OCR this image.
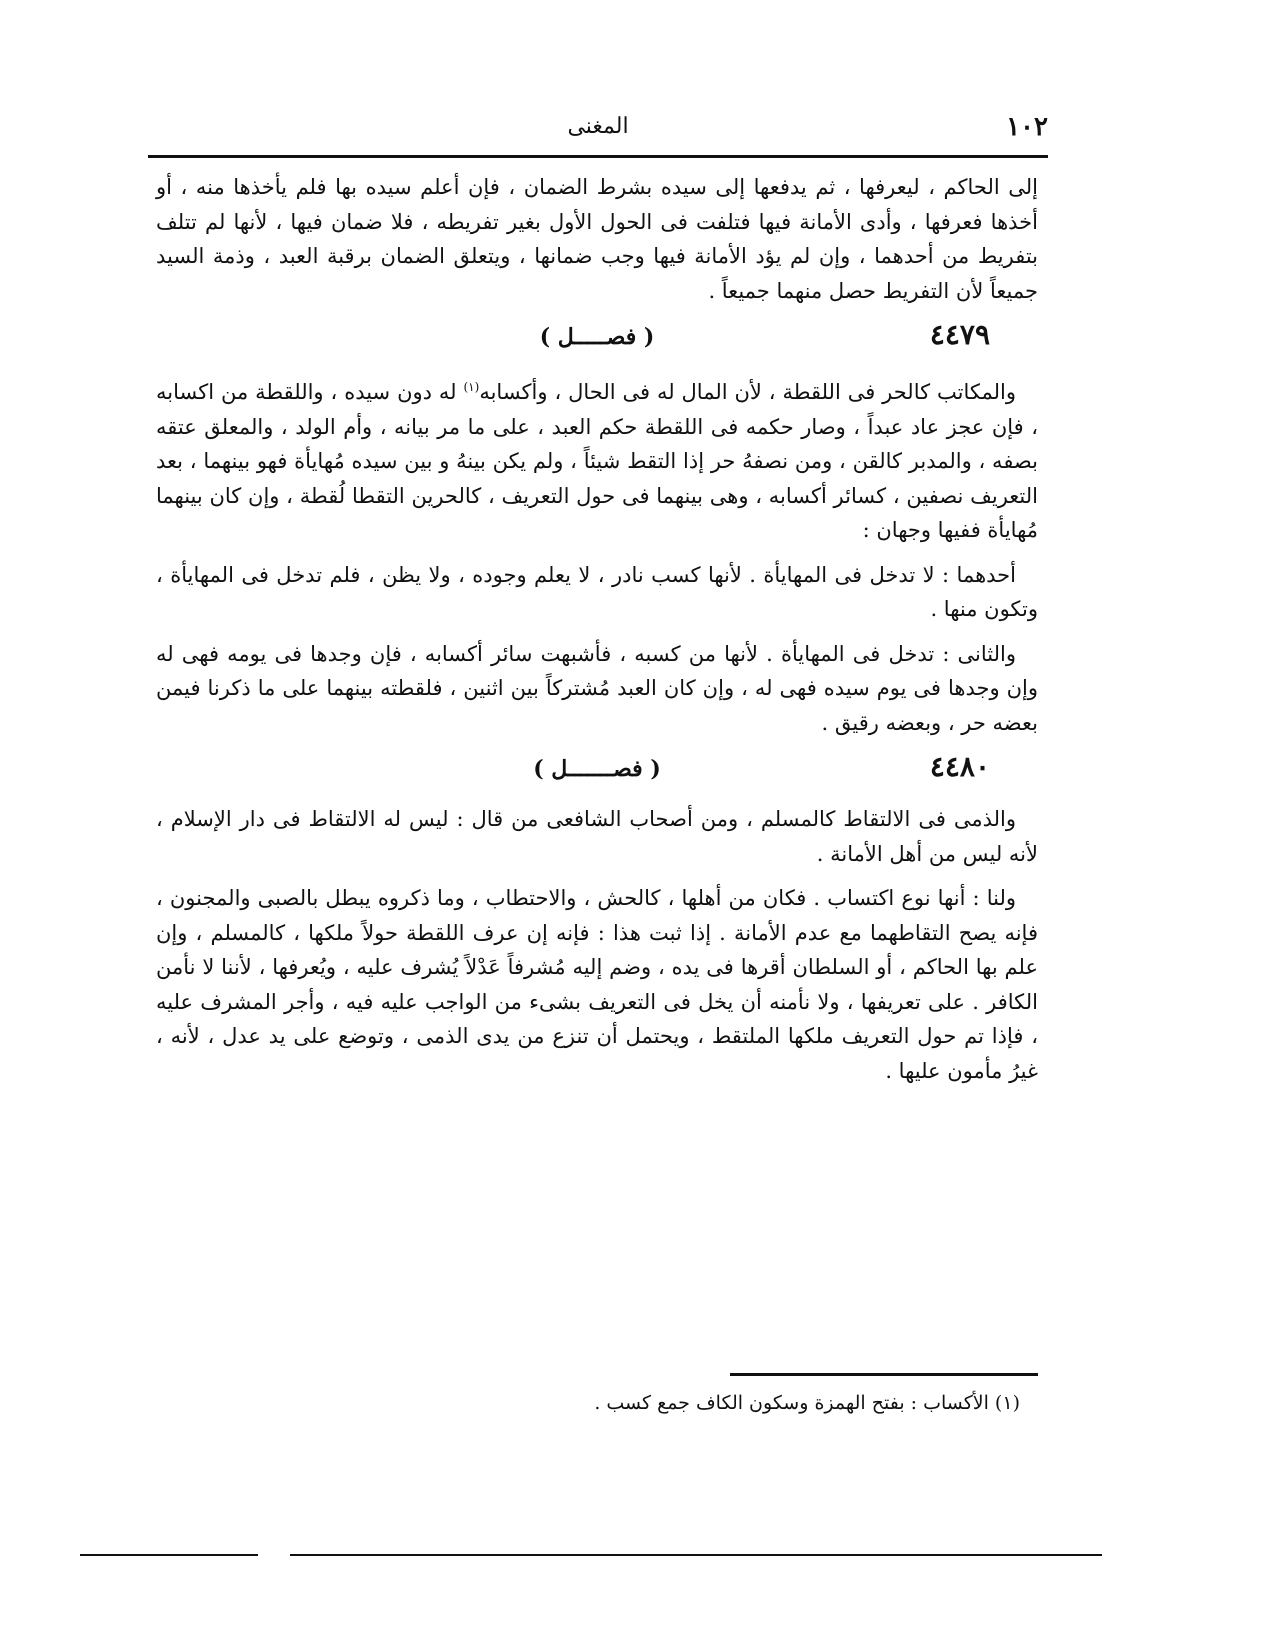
١٠٢
المغنى

إلى الحاكم ، ليعرفها ، ثم يدفعها إلى سيده بشرط الضمان ، فإن أعلم سيده بها فلم يأخذها منه ، أو أخذها فعرفها ، وأدى الأمانة فيها فتلفت فى الحول الأول بغير تفريطه ، فلا ضمان فيها ، لأنها لم تتلف بتفريط من أحدهما ، وإن لم يؤد الأمانة فيها وجب ضمانها ، ويتعلق الضمان برقبة العبد ، وذمة السيد جميعاً لأن التفريط حصل منهما جميعاً .

٤٤٧٩
( فصـــــل )

والمكاتب كالحر فى اللقطة ، لأن المال له فى الحال ، وأكسابه$^{(١)}$ له دون سيده ، واللقطة من اكسابه ، فإن عجز عاد عبداً ، وصار حكمه فى اللقطة حكم العبد ، على ما مر بيانه ، وأم الولد ، والمعلق عتقه بصفه ، والمدبر كالقن ، ومن نصفهُ حر إذا التقط شيئاً ، ولم يكن بينهُ و بين سيده مُهايأة فهو بينهما ، بعد التعريف نصفين ، كسائر أكسابه ، وهى بينهما فى حول التعريف ، كالحرين التقطا لُقطة ، وإن كان بينهما مُهايأة ففيها وجهان :

أحدهما : لا تدخل فى المهايأة . لأنها كسب نادر ، لا يعلم وجوده ، ولا يظن ، فلم تدخل فى المهايأة ، وتكون منها .

والثانى : تدخل فى المهايأة . لأنها من كسبه ، فأشبهت سائر أكسابه ، فإن وجدها فى يومه فهى له وإن وجدها فى يوم سيده فهى له ، وإن كان العبد مُشتركاً بين اثنين ، فلقطته بينهما على ما ذكرنا فيمن بعضه حر ، وبعضه رقيق .

٤٤٨٠
( فصـــــــل )

والذمى فى الالتقاط كالمسلم ، ومن أصحاب الشافعى من قال : ليس له الالتقاط فى دار الإسلام ، لأنه ليس من أهل الأمانة .

ولنا : أنها نوع اكتساب . فكان من أهلها ، كالحش ، والاحتطاب ، وما ذكروه يبطل بالصبى والمجنون ، فإنه يصح التقاطهما مع عدم الأمانة . إذا ثبت هذا : فإنه إن عرف اللقطة حولاً ملكها ، كالمسلم ، وإن علم بها الحاكم ، أو السلطان أقرها فى يده ، وضم إليه مُشرفاً عَدْلاً يُشرف عليه ، ويُعرفها ، لأننا لا نأمن الكافر . على تعريفها ، ولا نأمنه أن يخل فى التعريف بشىء من الواجب عليه فيه ، وأجر المشرف عليه ، فإذا تم حول التعريف ملكها الملتقط ، ويحتمل أن تنزع من يدى الذمى ، وتوضع على يد عدل ، لأنه ، غيرُ مأمون عليها .

(١) الأكساب : بفتح الهمزة وسكون الكاف جمع كسب .
